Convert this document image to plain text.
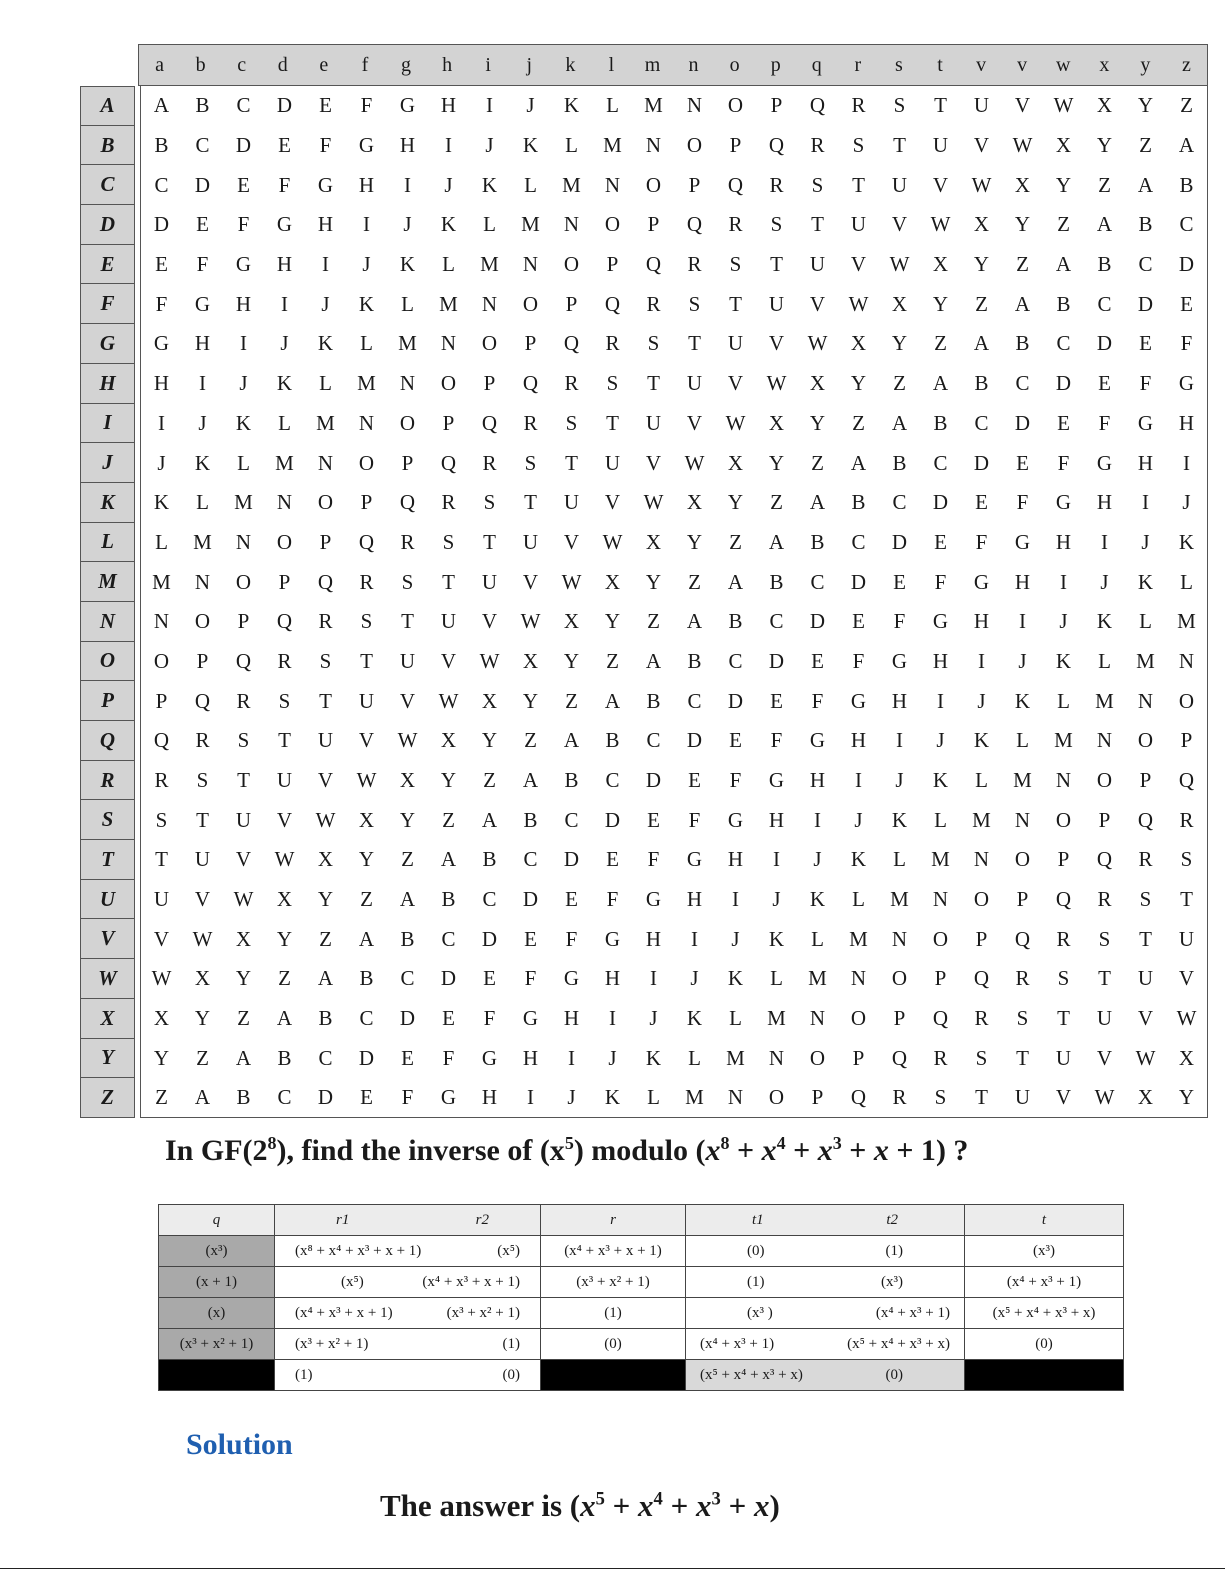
a	b	c	d	e	f	g	h	i	j	k	l	m	n	o	p	q	r	s	t	v	v	w	x	y	z
A	A	B	C	D	E	F	G	H	I	J	K	L	M	N	O	P	Q	R	S	T	U	V	W	X	Y	Z
B	B	C	D	E	F	G	H	I	J	K	L	M	N	O	P	Q	R	S	T	U	V	W	X	Y	Z	A
C	C	D	E	F	G	H	I	J	K	L	M	N	O	P	Q	R	S	T	U	V	W	X	Y	Z	A	B
D	D	E	F	G	H	I	J	K	L	M	N	O	P	Q	R	S	T	U	V	W	X	Y	Z	A	B	C
E	E	F	G	H	I	J	K	L	M	N	O	P	Q	R	S	T	U	V	W	X	Y	Z	A	B	C	D
F	F	G	H	I	J	K	L	M	N	O	P	Q	R	S	T	U	V	W	X	Y	Z	A	B	C	D	E
G	G	H	I	J	K	L	M	N	O	P	Q	R	S	T	U	V	W	X	Y	Z	A	B	C	D	E	F
H	H	I	J	K	L	M	N	O	P	Q	R	S	T	U	V	W	X	Y	Z	A	B	C	D	E	F	G
I	I	J	K	L	M	N	O	P	Q	R	S	T	U	V	W	X	Y	Z	A	B	C	D	E	F	G	H
J	J	K	L	M	N	O	P	Q	R	S	T	U	V	W	X	Y	Z	A	B	C	D	E	F	G	H	I
K	K	L	M	N	O	P	Q	R	S	T	U	V	W	X	Y	Z	A	B	C	D	E	F	G	H	I	J
L	L	M	N	O	P	Q	R	S	T	U	V	W	X	Y	Z	A	B	C	D	E	F	G	H	I	J	K
M	M	N	O	P	Q	R	S	T	U	V	W	X	Y	Z	A	B	C	D	E	F	G	H	I	J	K	L
N	N	O	P	Q	R	S	T	U	V	W	X	Y	Z	A	B	C	D	E	F	G	H	I	J	K	L	M
O	O	P	Q	R	S	T	U	V	W	X	Y	Z	A	B	C	D	E	F	G	H	I	J	K	L	M	N
P	P	Q	R	S	T	U	V	W	X	Y	Z	A	B	C	D	E	F	G	H	I	J	K	L	M	N	O
Q	Q	R	S	T	U	V	W	X	Y	Z	A	B	C	D	E	F	G	H	I	J	K	L	M	N	O	P
R	R	S	T	U	V	W	X	Y	Z	A	B	C	D	E	F	G	H	I	J	K	L	M	N	O	P	Q
S	S	T	U	V	W	X	Y	Z	A	B	C	D	E	F	G	H	I	J	K	L	M	N	O	P	Q	R
T	T	U	V	W	X	Y	Z	A	B	C	D	E	F	G	H	I	J	K	L	M	N	O	P	Q	R	S
U	U	V	W	X	Y	Z	A	B	C	D	E	F	G	H	I	J	K	L	M	N	O	P	Q	R	S	T
V	V	W	X	Y	Z	A	B	C	D	E	F	G	H	I	J	K	L	M	N	O	P	Q	R	S	T	U
W	W	X	Y	Z	A	B	C	D	E	F	G	H	I	J	K	L	M	N	O	P	Q	R	S	T	U	V
X	X	Y	Z	A	B	C	D	E	F	G	H	I	J	K	L	M	N	O	P	Q	R	S	T	U	V	W
Y	Y	Z	A	B	C	D	E	F	G	H	I	J	K	L	M	N	O	P	Q	R	S	T	U	V	W	X
Z	Z	A	B	C	D	E	F	G	H	I	J	K	L	M	N	O	P	Q	R	S	T	U	V	W	X	Y
In $GF(2^8)$, find the inverse of $(x^5)$ modulo $(x^8 + x^4 + x^3 + x + 1)$ ?
q	r1 r2	r	t1 t2	t
(x³)	(x⁸ + x⁴ + x³ + x + 1) (x⁵)	(x⁴ + x³ + x + 1)	(0) (1)	(x³)
(x + 1)	(x⁵) (x⁴ + x³ + x + 1)	(x³ + x² + 1)	(1) (x³)	(x⁴ + x³ + 1)
(x)	(x⁴ + x³ + x + 1) (x³ + x² + 1)	(1)	(x³ ) (x⁴ + x³ + 1)	(x⁵ + x⁴ + x³ + x)
(x³ + x² + 1)	(x³ + x² + 1) (1)	(0)	(x⁴ + x³ + 1) (x⁵ + x⁴ + x³ + x)	(0)

	(1) (0)		(x⁵ + x⁴ + x³ + x) (0)	

Solution
The answer is $(x^5 + x^4 + x^3 + x)$
